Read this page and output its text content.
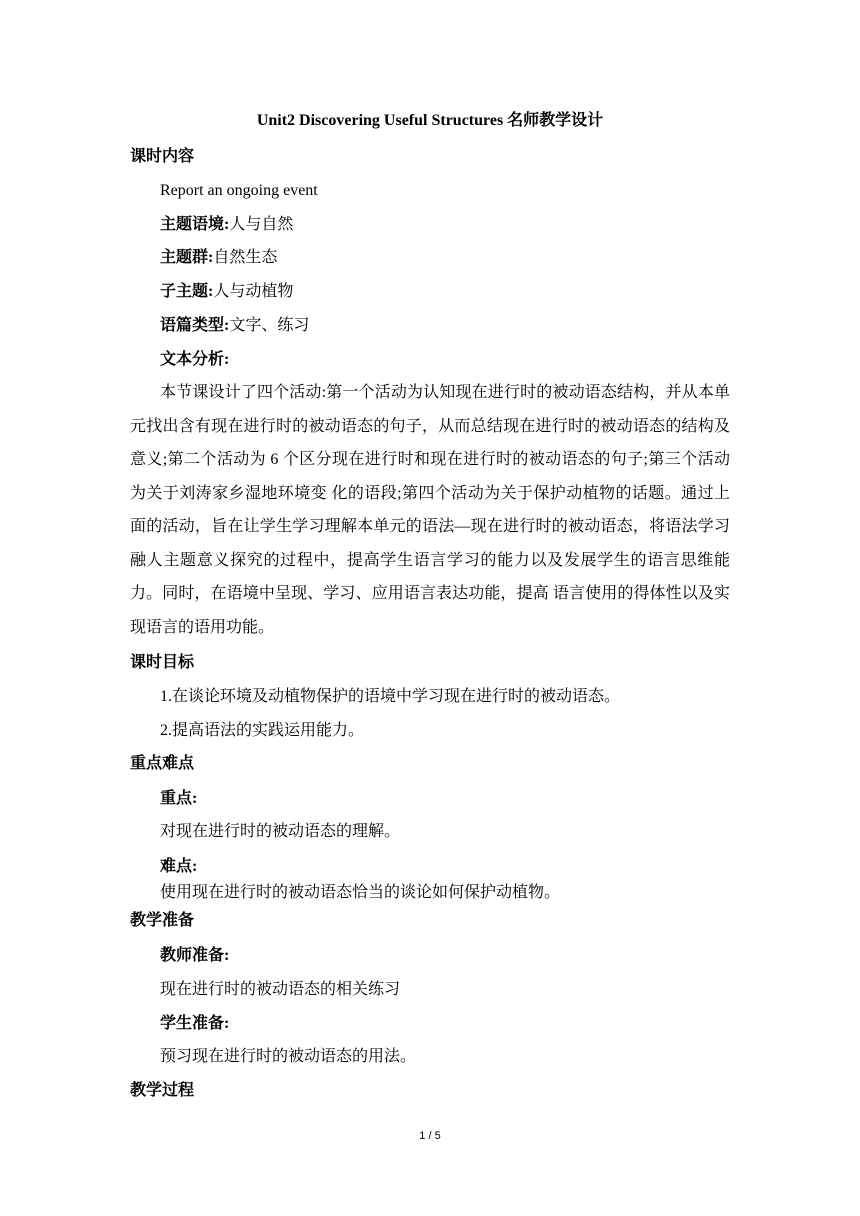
Unit2 Discovering Useful Structures 名师教学设计
课时内容
Report an ongoing event
主题语境:人与自然
主题群:自然生态
子主题:人与动植物
语篇类型:文字、练习
文本分析:
本节课设计了四个活动:第一个活动为认知现在进行时的被动语态结构，并从本单元找出含有现在进行时的被动语态的句子，从而总结现在进行时的被动语态的结构及意义;第二个活动为 6 个区分现在进行时和现在进行时的被动语态的句子;第三个活动为关于刘涛家乡湿地环境变 化的语段;第四个活动为关于保护动植物的话题。通过上面的活动，旨在让学生学习理解本单元的语法—现在进行时的被动语态，将语法学习融人主题意义探究的过程中，提高学生语言学习的能力以及发展学生的语言思维能力。同时，在语境中呈现、学习、应用语言表达功能，提高 语言使用的得体性以及实现语言的语用功能。
课时目标
1.在谈论环境及动植物保护的语境中学习现在进行时的被动语态。
2.提高语法的实践运用能力。
重点难点
重点:
对现在进行时的被动语态的理解。
难点:
使用现在进行时的被动语态恰当的谈论如何保护动植物。
教学准备
教师准备:
现在进行时的被动语态的相关练习
学生准备:
预习现在进行时的被动语态的用法。
教学过程
1 / 5
